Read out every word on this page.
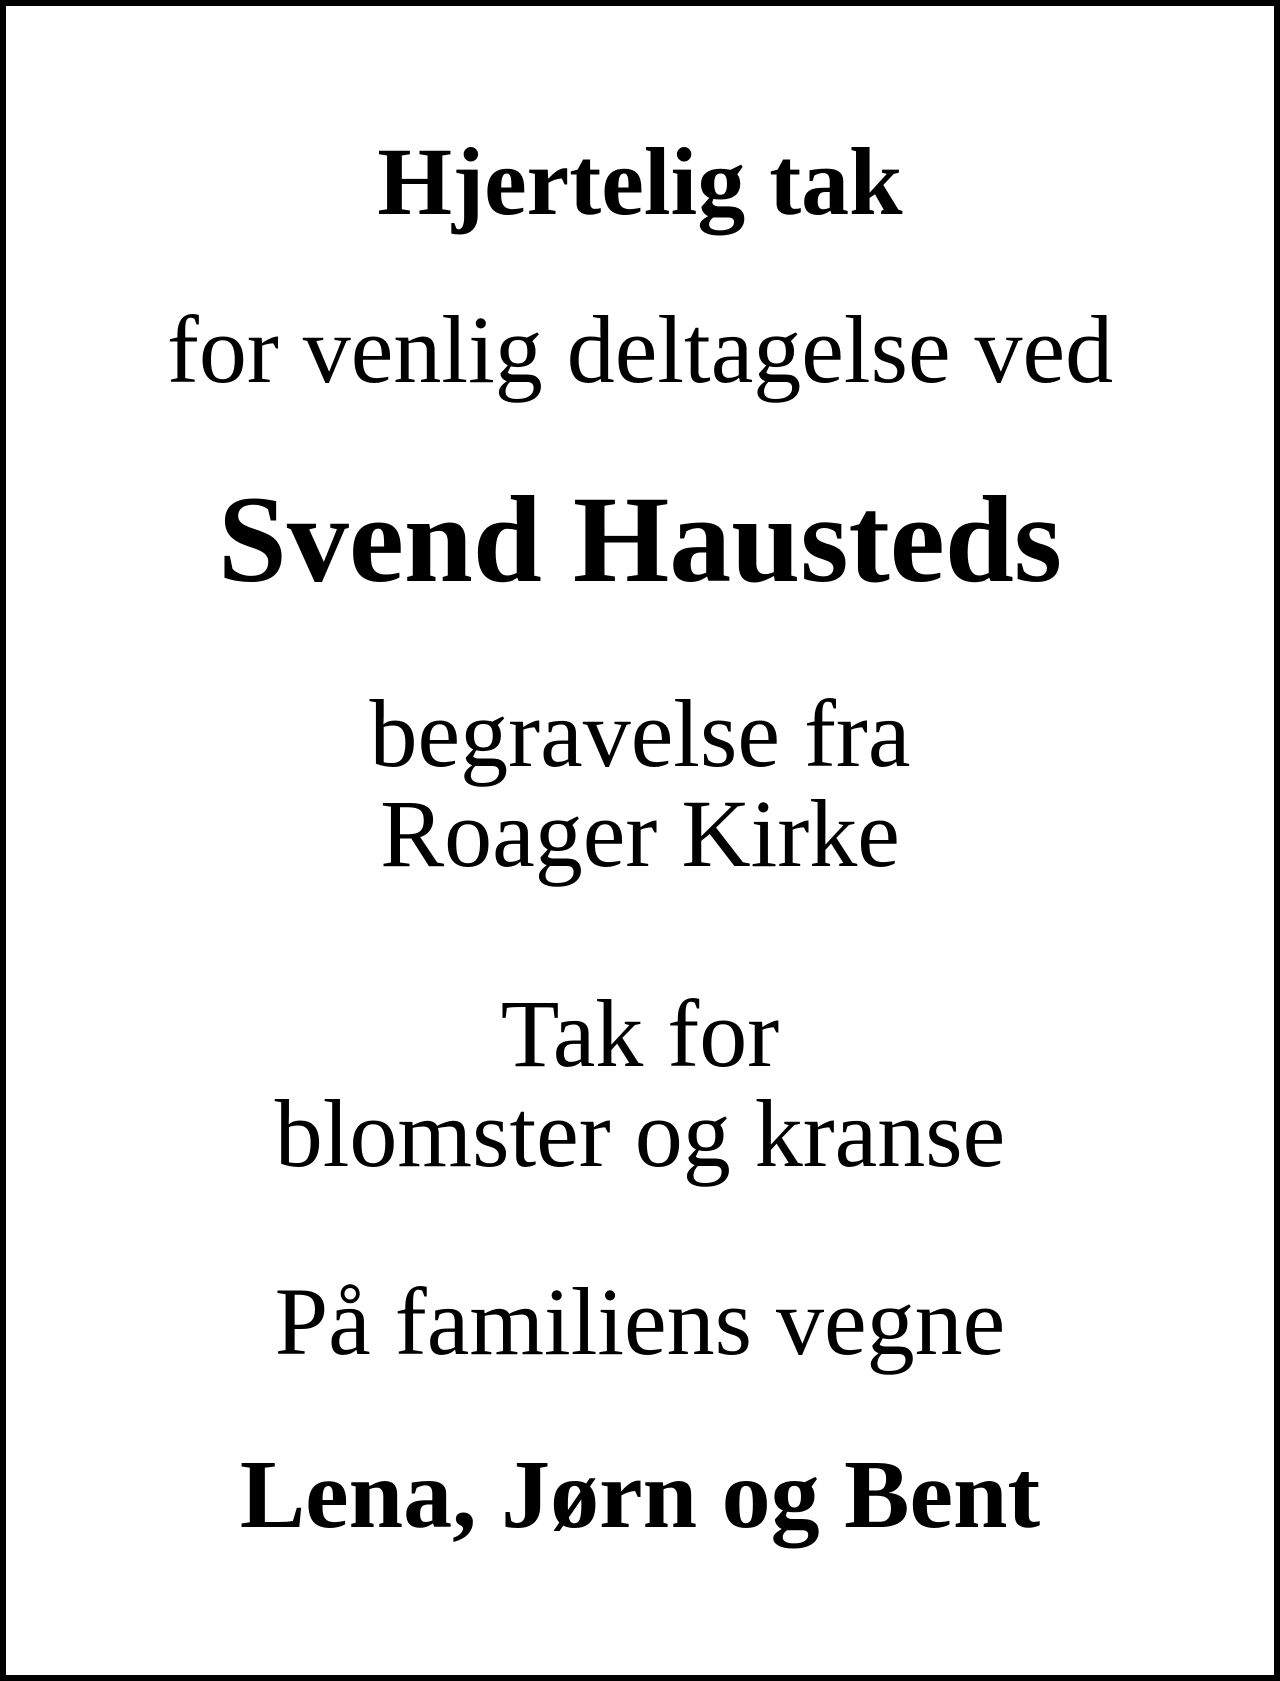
Hjertelig tak
for venlig deltagelse ved
Svend Hausteds
begravelse fra
Roager Kirke
Tak for
blomster og kranse
På familiens vegne
Lena, Jørn og Bent
